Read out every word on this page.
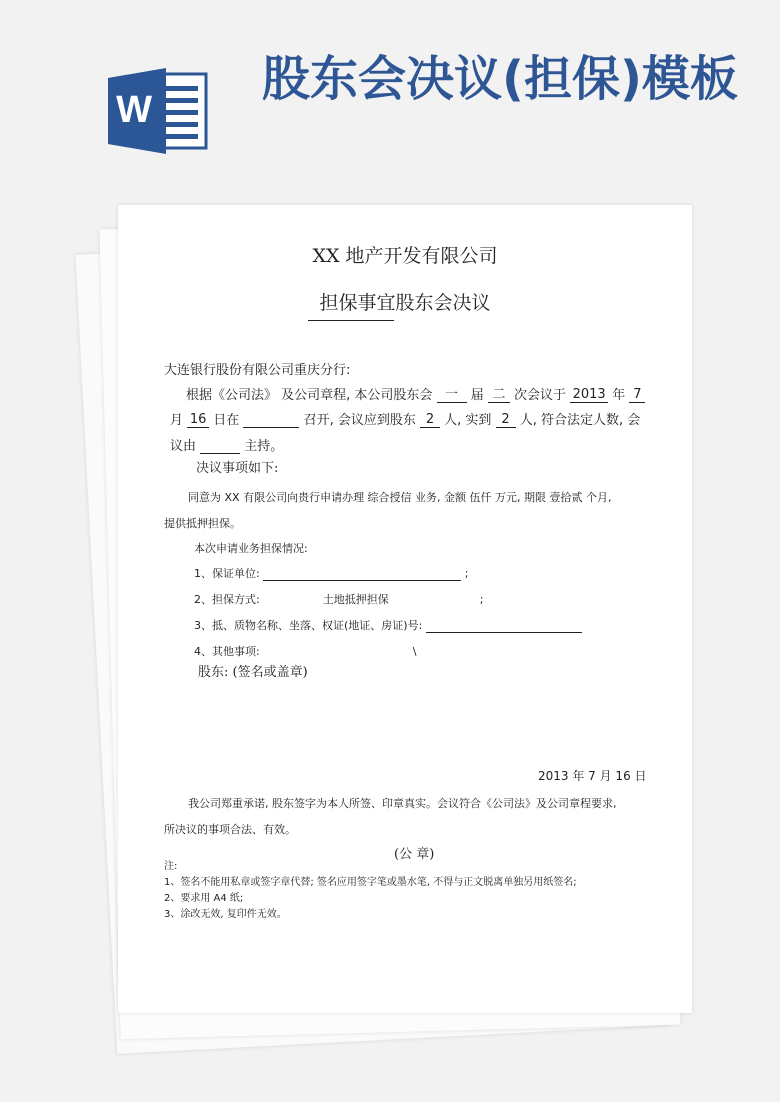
W
股东会决议(担保)模板
XX 地产开发有限公司
担保事宜股东会决议
大连银行股份有限公司重庆分行:
根据《公司法》 及公司章程, 本公司股东会 一 届 二 次会议于 2013 年 7
月 16 日在	召开, 会议应到股东 2 人, 实到 2 人, 符合法定人数, 会
议由	主持。
决议事项如下:
同意为 XX 有限公司向贵行申请办理 综合授信 业务, 金额 伍仟 万元, 期限 壹拾贰 个月,
提供抵押担保。
本次申请业务担保情况:
1、保证单位:	;
2、担保方式:	土地抵押担保	;
3、抵、质物名称、坐落、权证(地证、房证)号:
4、其他事项:	\
股东: (签名或盖章)
2013 年 7 月 16 日
我公司郑重承诺, 股东签字为本人所签、印章真实。会议符合《公司法》及公司章程要求,
所决议的事项合法、有效。
(公 章)
注:
1、签名不能用私章或签字章代替; 签名应用签字笔或墨水笔, 不得与正文脱离单独另用纸签名;
2、要求用 A4 纸;
3、涂改无效, 复印件无效。
